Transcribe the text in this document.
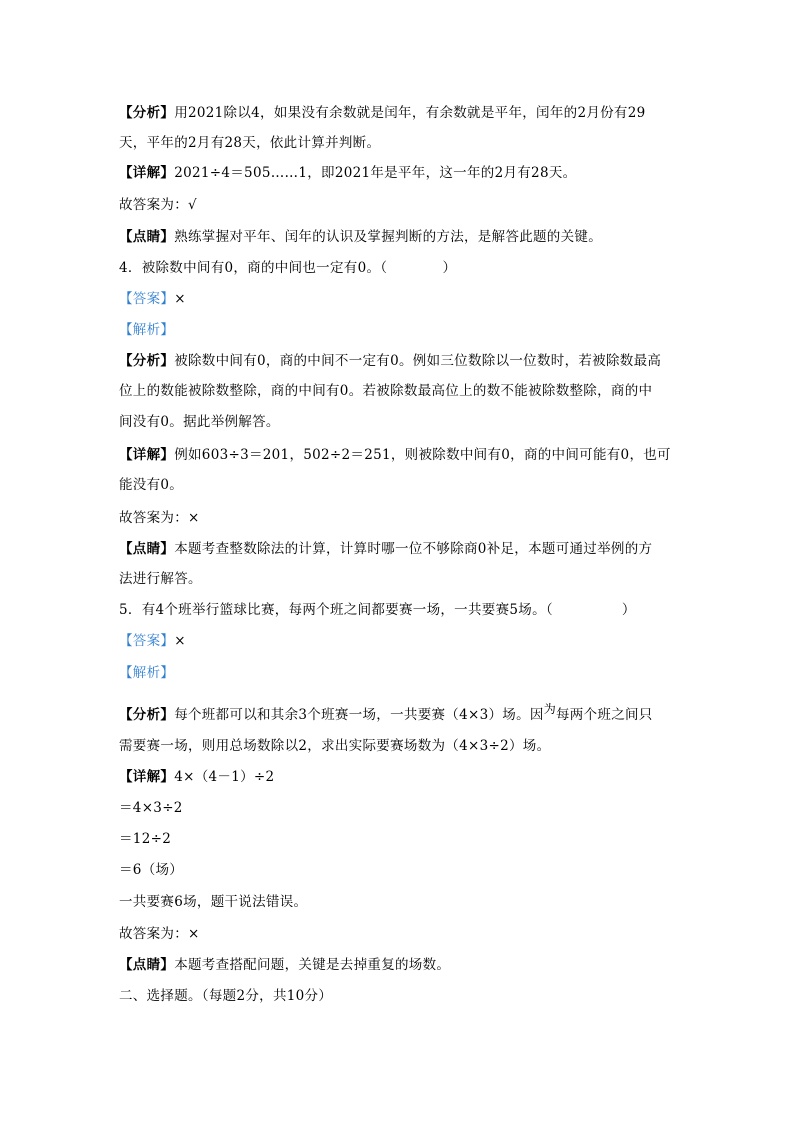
【分析】用2021除以4，如果没有余数就是闰年，有余数就是平年，闰年的2月份有29
天，平年的2月有28天，依此计算并判断。
【详解】2021÷4＝505……1，即2021年是平年，这一年的2月有28天。
故答案为：√
【点睛】熟练掌握对平年、闰年的认识及掌握判断的方法，是解答此题的关键。
4．被除数中间有0，商的中间也一定有0。（　　　　）
【答案】×
【解析】
【分析】被除数中间有0，商的中间不一定有0。例如三位数除以一位数时，若被除数最高
位上的数能被除数整除，商的中间有0。若被除数最高位上的数不能被除数整除，商的中
间没有0。据此举例解答。
【详解】例如603÷3＝201，502÷2＝251，则被除数中间有0，商的中间可能有0，也可
能没有0。
故答案为：×
【点睛】本题考查整数除法的计算，计算时哪一位不够除商0补足，本题可通过举例的方
法进行解答。
5．有4个班举行篮球比赛，每两个班之间都要赛一场，一共要赛5场。（　　　　　）
【答案】×
【解析】
【分析】每个班都可以和其余3个班赛一场，一共要赛（4×3）场。因为每两个班之间只
需要赛一场，则用总场数除以2，求出实际要赛场数为（4×3÷2）场。
【详解】4×（4－1）÷2
＝4×3÷2
＝12÷2
＝6（场）
一共要赛6场，题干说法错误。
故答案为：×
【点睛】本题考查搭配问题，关键是去掉重复的场数。
二、选择题。（每题2分，共10分）
